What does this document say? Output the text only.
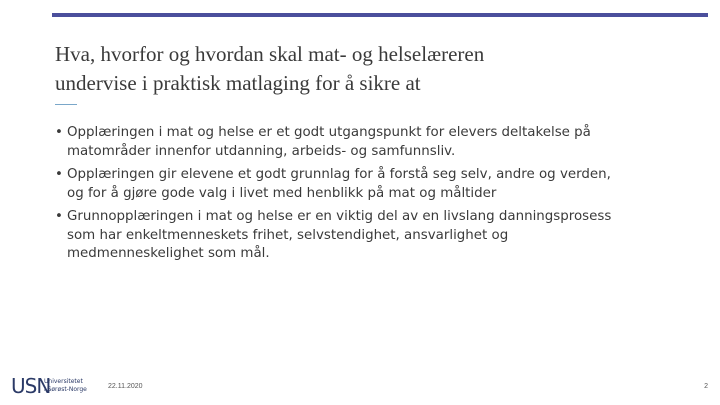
Hva, hvorfor og hvordan skal mat- og helselæreren
undervise i praktisk matlaging for å sikre at
• Opplæringen i mat og helse er et godt utgangspunkt for elevers deltakelse på
matområder innenfor utdanning, arbeids- og samfunnsliv.
• Opplæringen gir elevene et godt grunnlag for å forstå seg selv, andre og verden,
og for å gjøre gode valg i livet med henblikk på mat og måltider
• Grunnopplæringen i mat og helse er en viktig del av en livslang danningsprosess
som har enkeltmenneskets frihet, selvstendighet, ansvarlighet og
medmenneskelighet som mål.
USN
Universitetet
i Sørøst-Norge	22.11.2020	2
